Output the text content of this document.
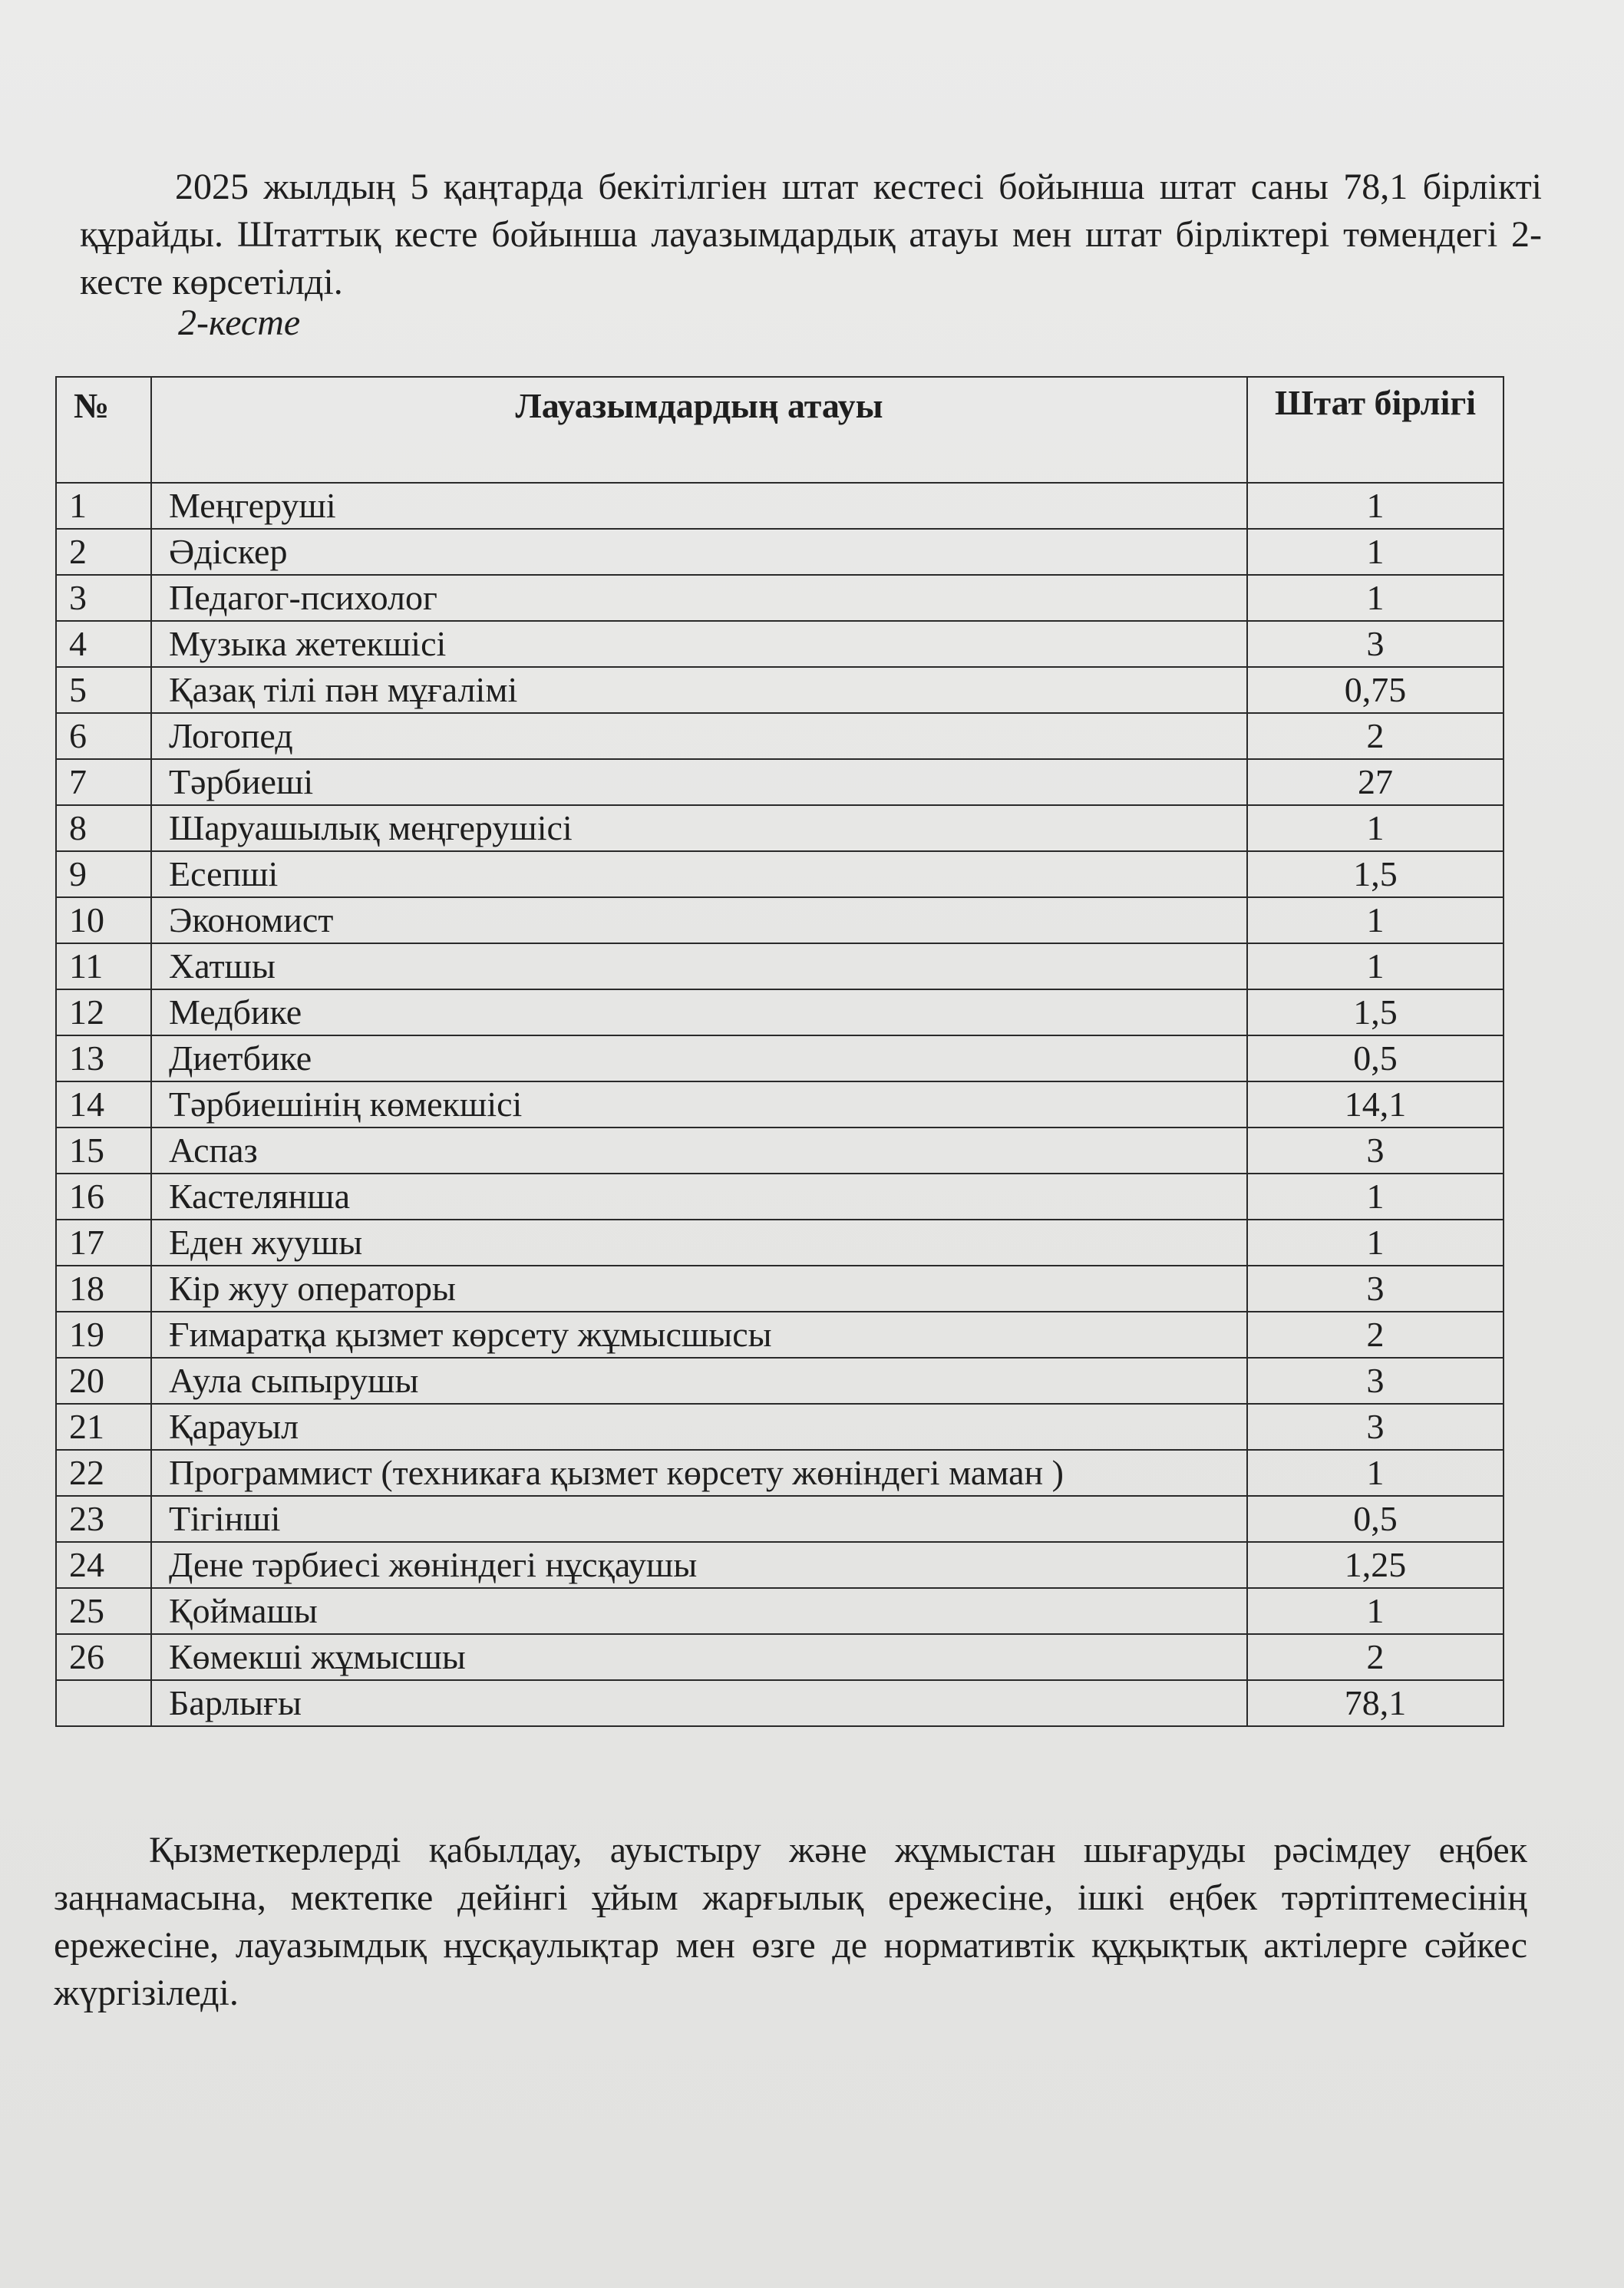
2025 жылдың 5 қаңтарда бекітілгіен штат кестесі бойынша штат саны 78,1 бірлікті құрайды. Штаттық кесте бойынша лауазымдардық атауы мен штат бірліктері төмендегі 2-кесте көрсетілді.

2-кесте
№	Лауазымдардың атауы	Штат бірлігі
1	Меңгеруші	1
2	Әдіскер	1
3	Педагог-психолог	1
4	Музыка жетекшісі	3
5	Қазақ тілі пән мұғалімі	0,75
6	Логопед	2
7	Тәрбиеші	27
8	Шаруашылық меңгерушісі	1
9	Есепші	1,5
10	Экономист	1
11	Хатшы	1
12	Медбике	1,5
13	Диетбике	0,5
14	Тәрбиешінің көмекшісі	14,1
15	Аспаз	3
16	Кастелянша	1
17	Еден жуушы	1
18	Кір жуу операторы	3
19	Ғимаратқа қызмет көрсету жұмысшысы	2
20	Аула сыпырушы	3
21	Қарауыл	3
22	Программист (техникаға қызмет көрсету жөніндегі маман )	1
23	Тігінші	0,5
24	Дене тәрбиесі жөніндегі нұсқаушы	1,25
25	Қоймашы	1
26	Көмекші жұмысшы	2
	Барлығы	78,1

Қызметкерлерді қабылдау, ауыстыру және жұмыстан шығаруды рәсімдеу еңбек заңнамасына, мектепке дейінгі ұйым жарғылық ережесіне, ішкі еңбек тәртіптемесінің ережесіне, лауазымдық нұсқаулықтар мен өзге де нормативтік құқықтық актілерге сәйкес жүргізіледі.
